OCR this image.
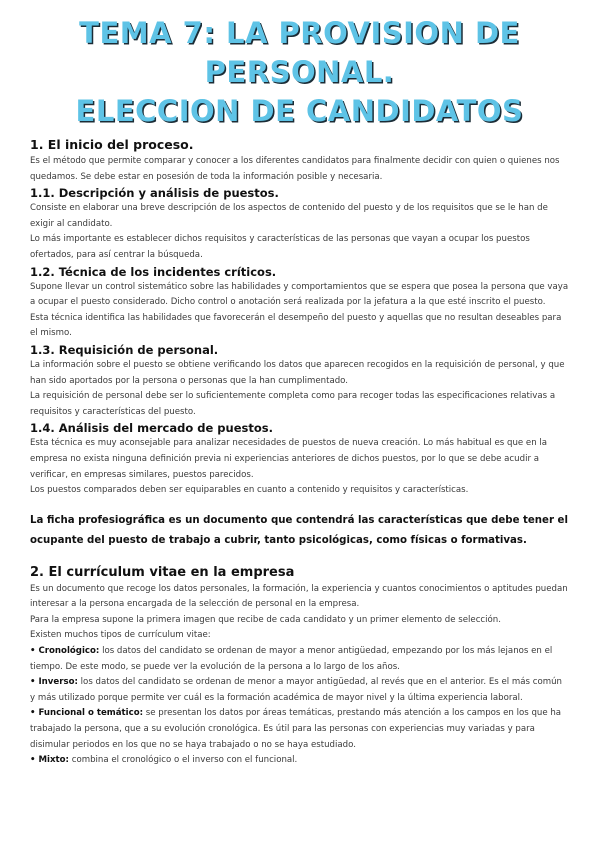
TEMA 7: LA PROVISION DE PERSONAL.
ELECCION DE CANDIDATOS
1. El inicio del proceso.

Es el método que permite comparar y conocer a los diferentes candidatos para finalmente decidir con quien o quienes nos quedamos. Se debe estar en posesión de toda la información posible y necesaria.

1.1. Descripción y análisis de puestos.

Consiste en elaborar una breve descripción de los aspectos de contenido del puesto y de los requisitos que se le han de exigir al candidato.

Lo más importante es establecer dichos requisitos y características de las personas que vayan a ocupar los puestos ofertados, para así centrar la búsqueda.

1.2. Técnica de los incidentes críticos.

Supone llevar un control sistemático sobre las habilidades y comportamientos que se espera que posea la persona que vaya a ocupar el puesto considerado. Dicho control o anotación será realizada por la jefatura a la que esté inscrito el puesto.

Esta técnica identifica las habilidades que favorecerán el desempeño del puesto y aquellas que no resultan deseables para el mismo.

1.3. Requisición de personal.

La información sobre el puesto se obtiene verificando los datos que aparecen recogidos en la requisición de personal, y que han sido aportados por la persona o personas que la han cumplimentado.

La requisición de personal debe ser lo suficientemente completa como para recoger todas las especificaciones relativas a requisitos y características del puesto.

1.4. Análisis del mercado de puestos.

Esta técnica es muy aconsejable para analizar necesidades de puestos de nueva creación. Lo más habitual es que en la empresa no exista ninguna definición previa ni experiencias anteriores de dichos puestos, por lo que se debe acudir a verificar, en empresas similares, puestos parecidos.

Los puestos comparados deben ser equiparables en cuanto a contenido y requisitos y características.

La ficha profesiográfica es un documento que contendrá las características que debe tener el ocupante del puesto de trabajo a cubrir, tanto psicológicas, como físicas o formativas.

2. El currículum vitae en la empresa

Es un documento que recoge los datos personales, la formación, la experiencia y cuantos conocimientos o aptitudes puedan interesar a la persona encargada de la selección de personal en la empresa.

Para la empresa supone la primera imagen que recibe de cada candidato y un primer elemento de selección.

Existen muchos tipos de currículum vitae:

• Cronológico: los datos del candidato se ordenan de mayor a menor antigüedad, empezando por los más lejanos en el tiempo. De este modo, se puede ver la evolución de la persona a lo largo de los años.

• Inverso: los datos del candidato se ordenan de menor a mayor antigüedad, al revés que en el anterior. Es el más común y más utilizado porque permite ver cuál es la formación académica de mayor nivel y la última experiencia laboral.

• Funcional o temático: se presentan los datos por áreas temáticas, prestando más atención a los campos en los que ha trabajado la persona, que a su evolución cronológica. Es útil para las personas con experiencias muy variadas y para disimular periodos en los que no se haya trabajado o no se haya estudiado.

• Mixto: combina el cronológico o el inverso con el funcional.
